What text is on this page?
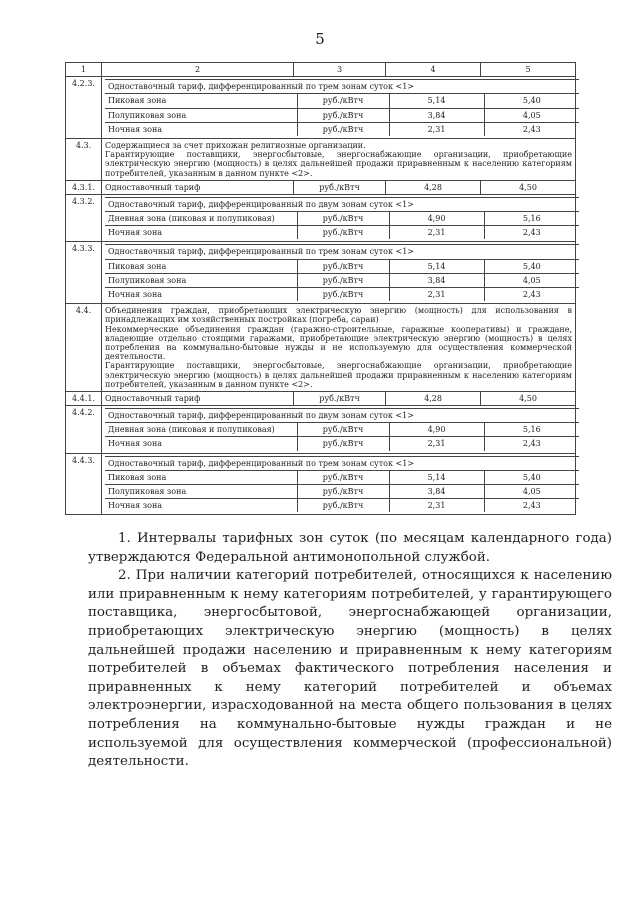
5
1	2	3	4	5
4.2.3.	Одноставочный тариф, дифференцированный по трем зонам суток <1>
Пиковая зона	руб./кВтч	5,14	5,40
Полупиковая зона	руб./кВтч	3,84	4,05
Ночная зона	руб./кВтч	2,31	2,43

4.3.	Содержащиеся за счет прихожан религиозные организации.
Гарантирующие поставщики, энергосбытовые, энергоснабжающие организации, приобретающие электрическую энергию (мощность) в целях дальнейшей продажи приравненным к населению категориям потребителей, указанным в данном пункте <2>.

4.3.1.	Одноставочный тариф	руб./кВтч	4,28	4,50
4.3.2.	Одноставочный тариф, дифференцированный по двум зонам суток <1>
Дневная зона (пиковая и полупиковая)	руб./кВтч	4,90	5,16
Ночная зона	руб./кВтч	2,31	2,43

4.3.3.	Одноставочный тариф, дифференцированный по трем зонам суток <1>
Пиковая зона	руб./кВтч	5,14	5,40
Полупиковая зона	руб./кВтч	3,84	4,05
Ночная зона	руб./кВтч	2,31	2,43

4.4.	Объединения граждан, приобретающих электрическую энергию (мощность) для использования в принадлежащих им хозяйственных постройках (погреба, сараи)
Некоммерческие объединения граждан (гаражно-строительные, гаражные кооперативы) и граждане, владеющие отдельно стоящими гаражами, приобретающие электрическую энергию (мощность) в целях потребления на коммунально-бытовые нужды и не используемую для осуществления коммерческой деятельности.
Гарантирующие поставщики, энергосбытовые, энергоснабжающие организации, приобретающие электрическую энергию (мощность) в целях дальнейшей продажи приравненным к населению категориям потребителей, указанным в данном пункте <2>.

4.4.1.	Одноставочный тариф	руб./кВтч	4,28	4,50
4.4.2.	Одноставочный тариф, дифференцированный по двум зонам суток <1>
Дневная зона (пиковая и полупиковая)	руб./кВтч	4,90	5,16
Ночная зона	руб./кВтч	2,31	2,43

4.4.3.	Одноставочный тариф, дифференцированный по трем зонам суток <1>
Пиковая зона	руб./кВтч	5,14	5,40
Полупиковая зона	руб./кВтч	3,84	4,05
Ночная зона	руб./кВтч	2,31	2,43

1. Интервалы тарифных зон суток (по месяцам календарного года) утверждаются Федеральной антимонопольной службой.

2. При наличии категорий потребителей, относящихся к населению или приравненным к нему категориям потребителей, у гарантирующего поставщика, энергосбытовой, энергоснабжающей организации, приобретающих электрическую энергию (мощность) в целях дальнейшей продажи населению и приравненным к нему категориям потребителей в объемах фактического потребления населения и приравненных к нему категорий потребителей и объемах электроэнергии, израсходованной на места общего пользования в целях потребления на коммунально-бытовые нужды граждан и не используемой для осуществления коммерческой (профессиональной) деятельности.
